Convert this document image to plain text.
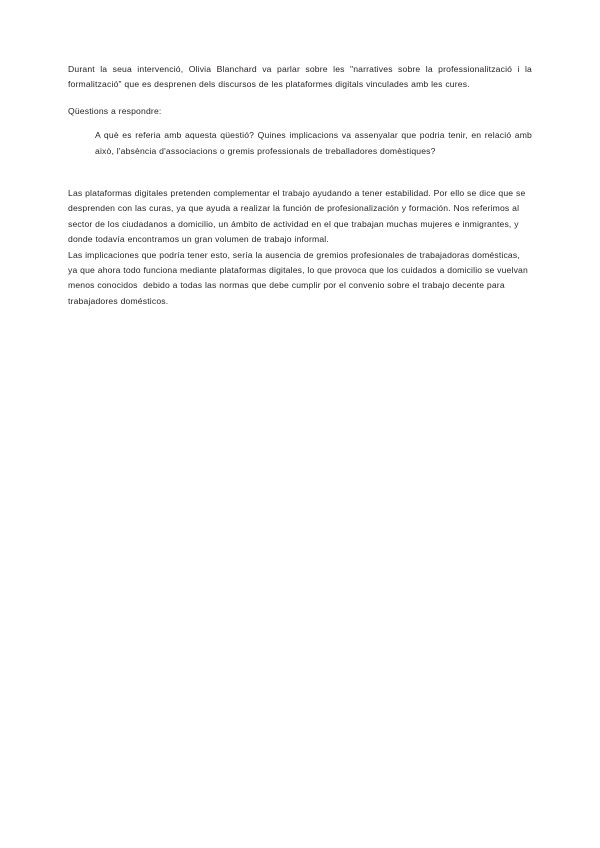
Durant la seua intervenció, Olivia Blanchard va parlar sobre les "narratives sobre la professionalització i la formalització" que es desprenen dels discursos de les plataformes digitals vinculades amb les cures.

Qüestions a respondre:

A què es referia amb aquesta qüestió? Quines implicacions va assenyalar que podria tenir, en relació amb això, l'absència d'associacions o gremis professionals de treballadores domèstiques?

Las plataformas digitales pretenden complementar el trabajo ayudando a tener estabilidad. Por ello se dice que se desprenden con las curas, ya que ayuda a realizar la función de profesionalización y formación. Nos referimos al sector de los ciudadanos a domicilio, un ámbito de actividad en el que trabajan muchas mujeres e inmigrantes, y donde todavía encontramos un gran volumen de trabajo informal.

Las implicaciones que podría tener esto, sería la ausencia de gremios profesionales de trabajadoras domésticas, ya que ahora todo funciona mediante plataformas digitales, lo que provoca que los cuidados a domicilio se vuelvan menos conocidos  debido a todas las normas que debe cumplir por el convenio sobre el trabajo decente para trabajadores domésticos.
